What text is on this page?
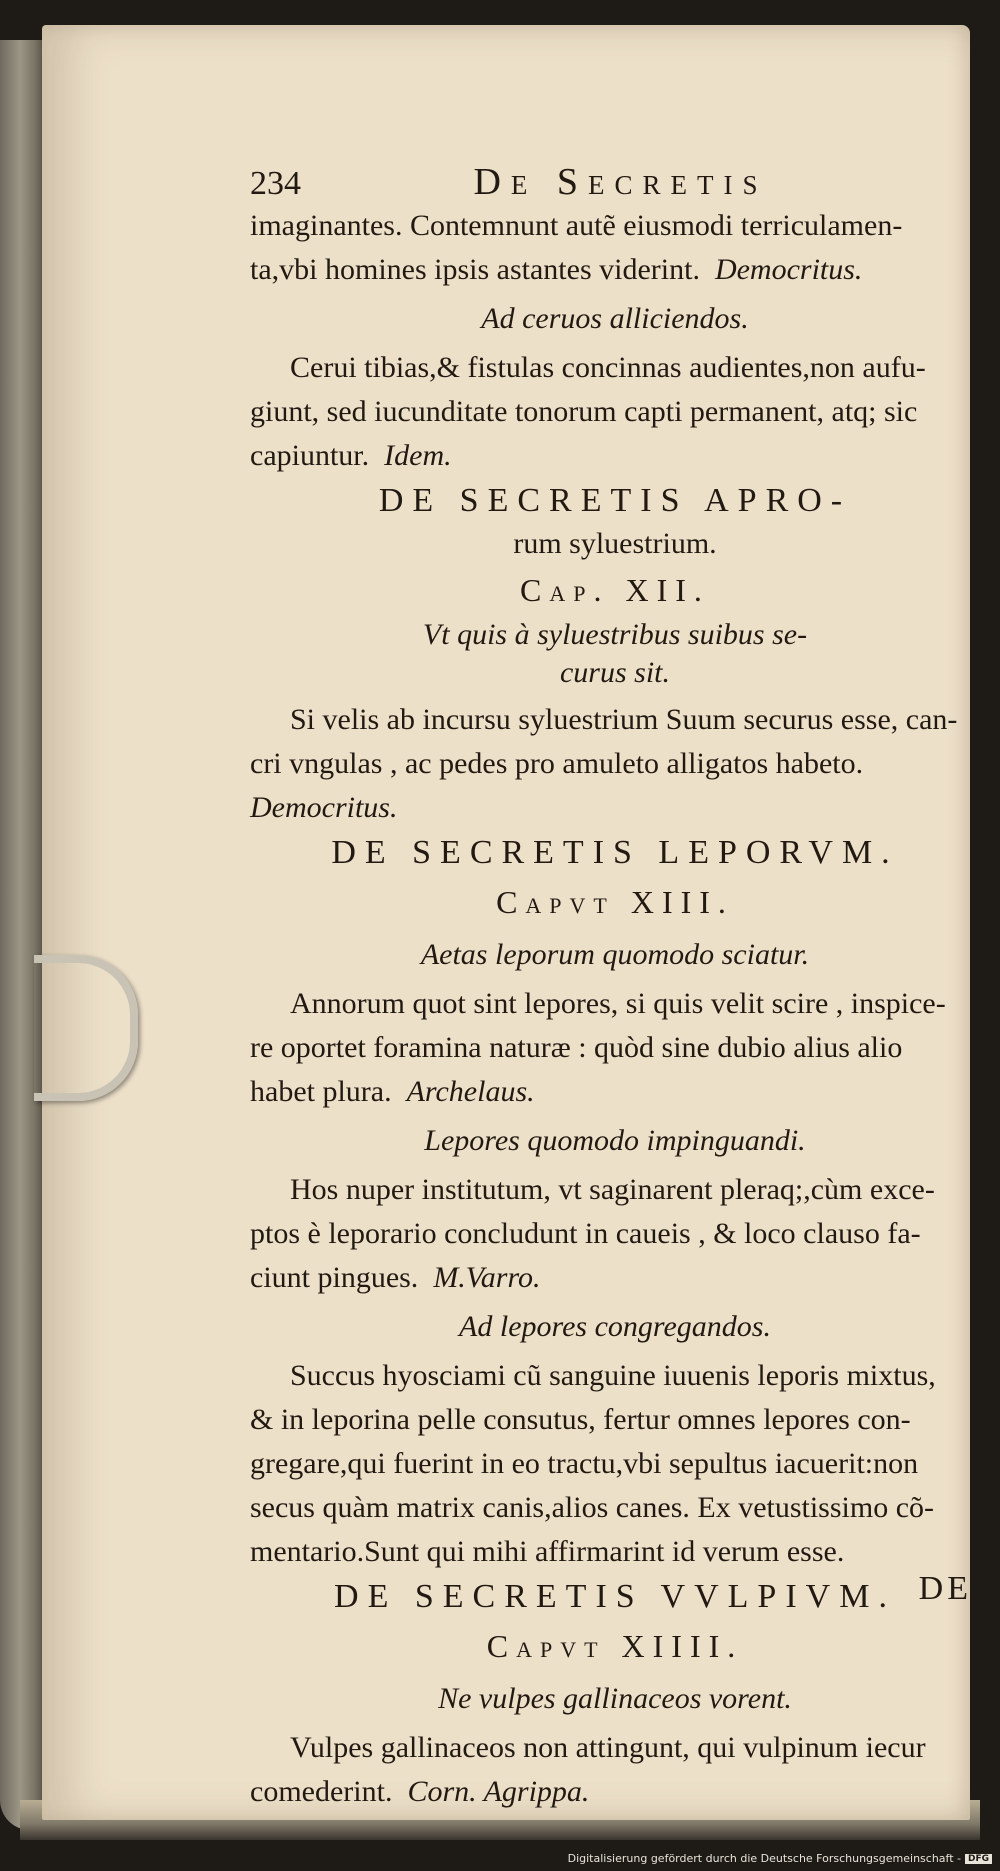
234	De Secretis
imaginantes. Contemnunt autẽ eiusmodi terriculamen-
ta,vbi homines ipsis astantes viderint. Democritus.
Ad ceruos alliciendos.
Cerui tibias,& fistulas concinnas audientes,non aufu-
giunt, sed iucunditate tonorum capti permanent, atq; sic
capiuntur. Idem.
DE SECRETIS APRO-
rum syluestrium.
Cap. XII.
Vt quis à syluestribus suibus se-
curus sit.
Si velis ab incursu syluestrium Suum securus esse, can-
cri vngulas , ac pedes pro amuleto alligatos habeto.
Democritus.
DE SECRETIS LEPORVM.
Capvt XIII.
Aetas leporum quomodo sciatur.
Annorum quot sint lepores, si quis velit scire , inspice-
re oportet foramina naturæ : quòd sine dubio alius alio
habet plura. Archelaus.
Lepores quomodo impinguandi.
Hos nuper institutum, vt saginarent pleraq;,cùm exce-
ptos è leporario concludunt in caueis , & loco clauso fa-
ciunt pingues. M.Varro.
Ad lepores congregandos.
Succus hyosciami cũ sanguine iuuenis leporis mixtus,
& in leporina pelle consutus, fertur omnes lepores con-
gregare,qui fuerint in eo tractu,vbi sepultus iacuerit:non
secus quàm matrix canis,alios canes. Ex vetustissimo cõ-
mentario.Sunt qui mihi affirmarint id verum esse.
DE SECRETIS VVLPIVM.
Capvt XIIII.
Ne vulpes gallinaceos vorent.
Vulpes gallinaceos non attingunt, qui vulpinum iecur
comederint. Corn. Agrippa.
DE
Digitalisierung gefördert durch die Deutsche Forschungsgemeinschaft - DFG
